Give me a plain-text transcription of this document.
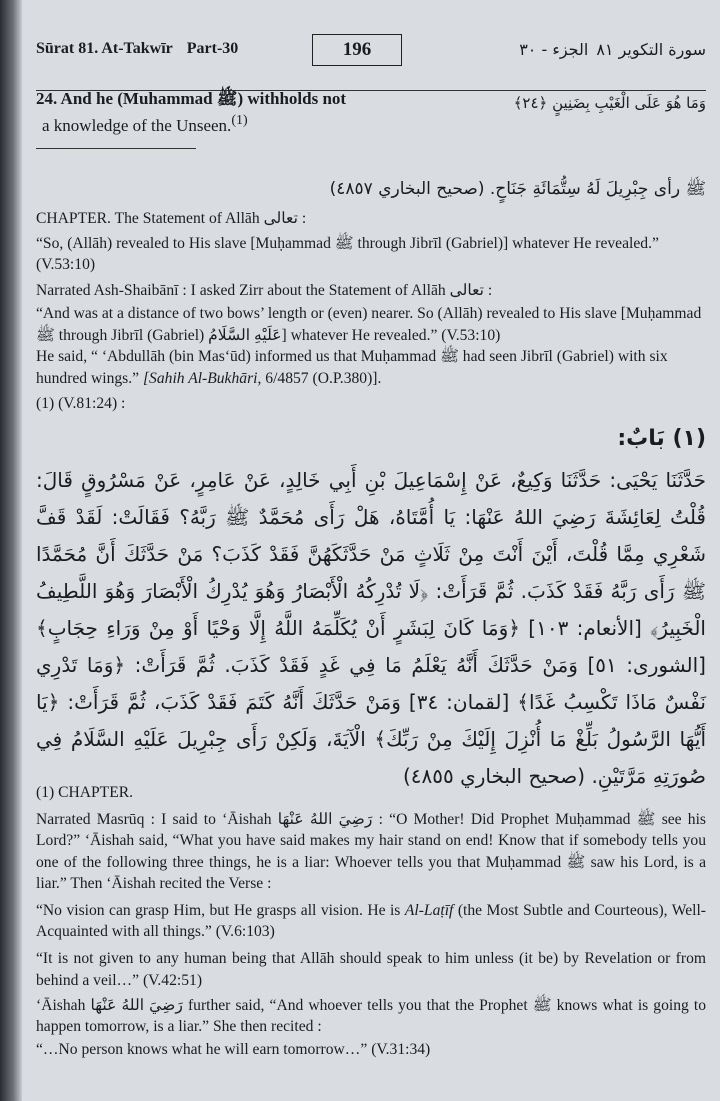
Sūrat 81. At-Takwīr Part-30	196	سورة التكوير ٨١الجزء - ٣٠
وَمَا هُوَ عَلَى الْغَيْبِ بِضَنِينٍ ﴿٢٤﴾
24. And he (Muhammad ﷺ) withholds not
a knowledge of the Unseen.$^{(1)}$
ﷺ رأى جِبْرِيلَ لَهُ سِتُّمَائَةِ جَنَاحٍ. (صحيح البخاري ٤٨٥٧)
CHAPTER. The Statement of Allāh تعالى :
“So, (Allāh) revealed to His slave [Muḥammad ﷺ through Jibrīl (Gabriel)] whatever He revealed.” (V.53:10)
Narrated Ash-Shaibānī : I asked Zirr about the Statement of Allāh تعالى :
“And was at a distance of two bows’ length or (even) nearer. So (Allāh) revealed to His slave [Muḥammad ﷺ through Jibrīl (Gabriel) عَلَيْهِ السَّلَامُ] whatever He revealed.” (V.53:10)
He said, “ ‘Abdullāh (bin Mas‘ūd) informed us that Muḥammad ﷺ had seen Jibrīl (Gabriel) with six hundred wings.” [Sahih Al-Bukhāri, 6/4857 (O.P.380)].
(1) (V.81:24) :
(١) بَابٌ:
حَدَّثَنَا يَحْيَى: حَدَّثَنَا وَكِيعٌ، عَنْ إِسْمَاعِيلَ بْنِ أَبِي خَالِدٍ، عَنْ عَامِرٍ، عَنْ مَسْرُوقٍ قَالَ: قُلْتُ لِعَائِشَةَ رَضِيَ اللهُ عَنْهَا: يَا أُمَّتَاهُ، هَلْ رَأَى مُحَمَّدٌ ﷺ رَبَّهُ؟ فَقَالَتْ: لَقَدْ قَفَّ شَعْرِي مِمَّا قُلْتَ، أَيْنَ أَنْتَ مِنْ ثَلَاثٍ مَنْ حَدَّثَكَهُنَّ فَقَدْ كَذَبَ؟ مَنْ حَدَّثَكَ أَنَّ مُحَمَّدًا ﷺ رَأَى رَبَّهُ فَقَدْ كَذَبَ. ثُمَّ قَرَأَتْ: ﴿لَا تُدْرِكُهُ الْأَبْصَارُ وَهُوَ يُدْرِكُ الْأَبْصَارَ وَهُوَ اللَّطِيفُ الْخَبِيرُ﴾ [الأنعام: ١٠٣] ﴿وَمَا كَانَ لِبَشَرٍ أَنْ يُكَلِّمَهُ اللَّهُ إِلَّا وَحْيًا أَوْ مِنْ وَرَاءِ حِجَابٍ﴾ [الشورى: ٥١] وَمَنْ حَدَّثَكَ أَنَّهُ يَعْلَمُ مَا فِي غَدٍ فَقَدْ كَذَبَ. ثُمَّ قَرَأَتْ: ﴿وَمَا تَدْرِي نَفْسٌ مَاذَا تَكْسِبُ غَدًا﴾ [لقمان: ٣٤] وَمَنْ حَدَّثَكَ أَنَّهُ كَتَمَ فَقَدْ كَذَبَ، ثُمَّ قَرَأَتْ: ﴿يَا أَيُّهَا الرَّسُولُ بَلِّغْ مَا أُنْزِلَ إِلَيْكَ مِنْ رَبِّكَ﴾ الْآيَةَ، وَلَكِنْ رَأَى جِبْرِيلَ عَلَيْهِ السَّلَامُ فِي صُورَتِهِ مَرَّتَيْنِ. (صحيح البخاري ٤٨٥٥)
(1) CHAPTER.
Narrated Masrūq : I said to ‘Āishah رَضِيَ اللهُ عَنْهَا : “O Mother! Did Prophet Muḥammad ﷺ see his Lord?” ‘Āishah said, “What you have said makes my hair stand on end! Know that if somebody tells you one of the following three things, he is a liar: Whoever tells you that Muḥammad ﷺ saw his Lord, is a liar.” Then ‘Āishah recited the Verse :
“No vision can grasp Him, but He grasps all vision. He is Al-Laṭīf (the Most Subtle and Courteous), Well-Acquainted with all things.” (V.6:103)
“It is not given to any human being that Allāh should speak to him unless (it be) by Revelation or from behind a veil…” (V.42:51)
‘Āishah رَضِيَ اللهُ عَنْهَا further said, “And whoever tells you that the Prophet ﷺ knows what is going to happen tomorrow, is a liar.” She then recited :
“…No person knows what he will earn tomorrow…” (V.31:34)
